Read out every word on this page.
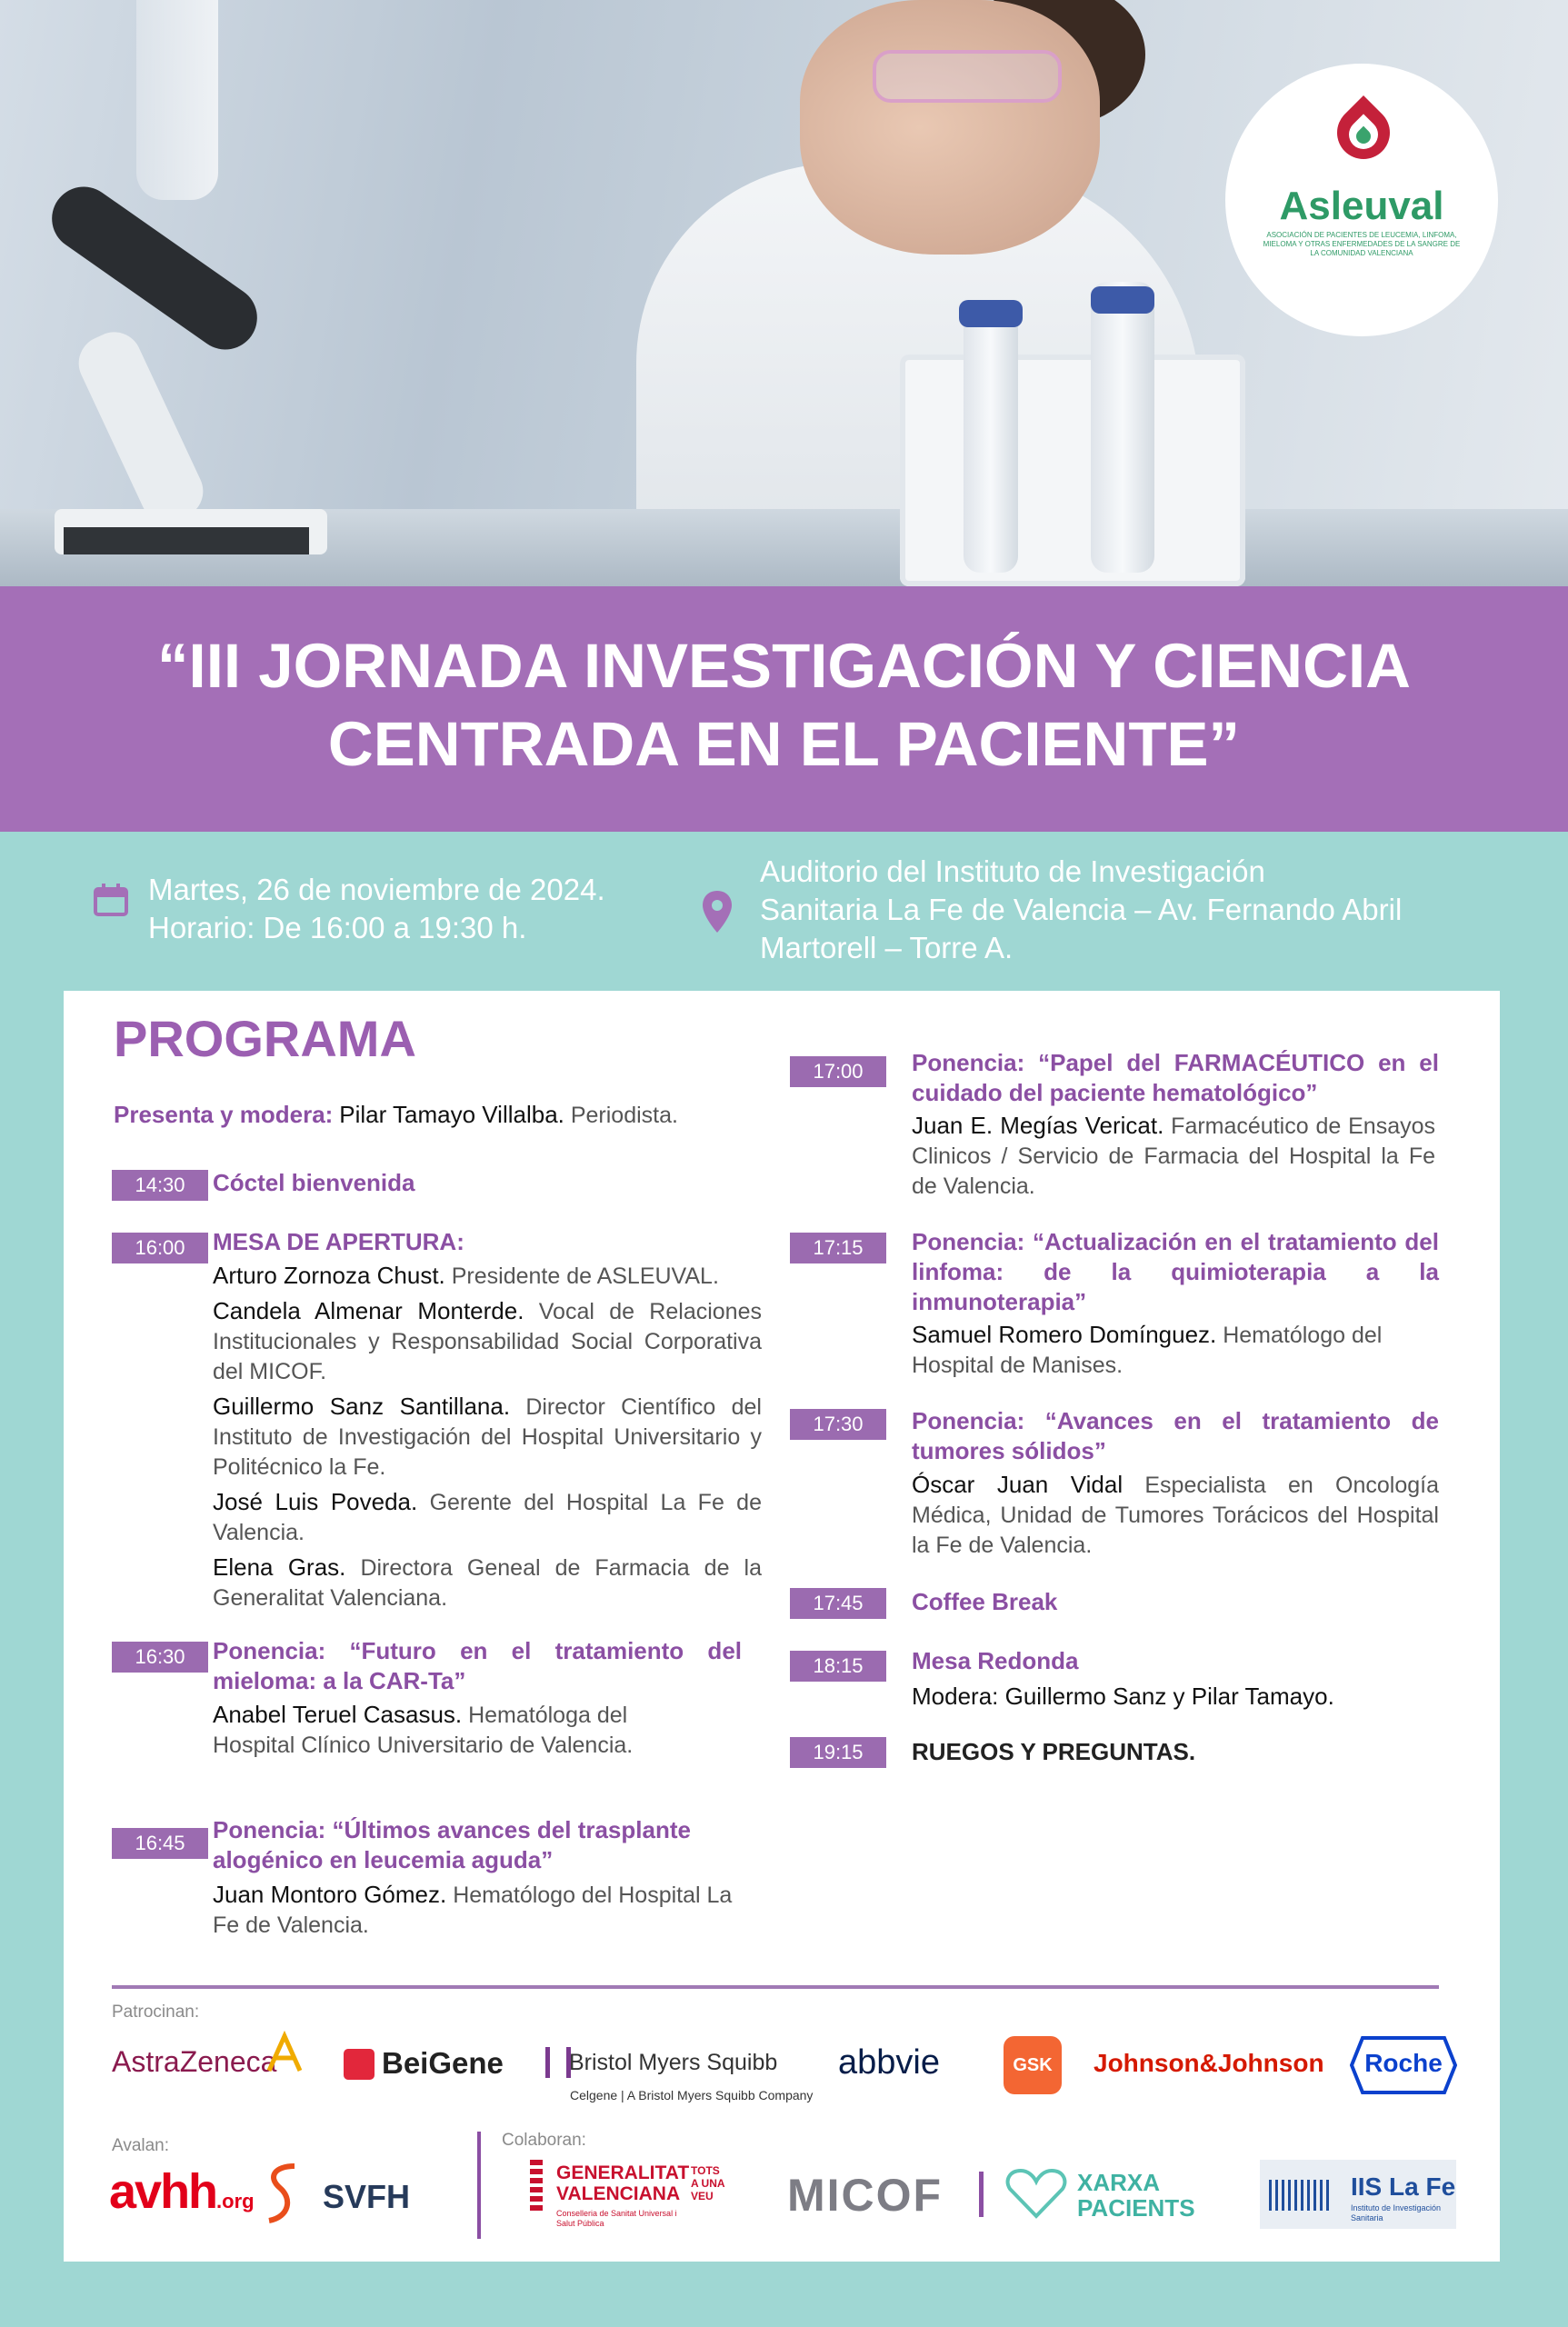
Asleuval
ASOCIACIÓN DE PACIENTES DE LEUCEMIA, LINFOMA, MIELOMA Y OTRAS ENFERMEDADES DE LA SANGRE DE LA COMUNIDAD VALENCIANA
“III JORNADA INVESTIGACIÓN Y CIENCIA
CENTRADA EN EL PACIENTE”
Martes, 26 de noviembre de 2024.
Horario: De 16:00 a 19:30 h.
Auditorio del Instituto de Investigación
Sanitaria La Fe de Valencia – Av. Fernando Abril
Martorell – Torre A.
PROGRAMA
Presenta y modera: Pilar Tamayo Villalba. Periodista.
14:30	Cóctel bienvenida
16:00	MESA DE APERTURA:
Arturo Zornoza Chust. Presidente de ASLEUVAL.
Candela Almenar Monterde. Vocal de Relaciones Institucionales y Responsabilidad Social Corporativa del MICOF.
Guillermo Sanz Santillana. Director Científico del Instituto de Investigación del Hospital Universitario y Politécnico la Fe.
José Luis Poveda. Gerente del Hospital La Fe de Valencia.
Elena Gras. Directora Geneal de Farmacia de la Generalitat Valenciana.
16:30	Ponencia: “Futuro en el tratamiento del mieloma: a la CAR-Ta”
Anabel Teruel Casasus. Hematóloga del Hospital Clínico Universitario de Valencia.
16:45	Ponencia: “Últimos avances del trasplante alogénico en leucemia aguda”
Juan Montoro Gómez. Hematólogo del Hospital La Fe de Valencia.
17:00	Ponencia: “Papel del FARMACÉUTICO en el cuidado del paciente hematológico”
Juan E. Megías Vericat. Farmacéutico de Ensayos Clinicos / Servicio de Farmacia del Hospital la Fe de Valencia.
17:15	Ponencia: “Actualización en el tratamiento del linfoma: de la quimioterapia a la inmunoterapia”
Samuel Romero Domínguez. Hematólogo del Hospital de Manises.
17:30	Ponencia: “Avances en el tratamiento de tumores sólidos”
Óscar Juan Vidal Especialista en Oncología Médica, Unidad de Tumores Torácicos del Hospital la Fe de Valencia.
17:45	Coffee Break
18:15	Mesa Redonda
Modera: Guillermo Sanz y Pilar Tamayo.
19:15	RUEGOS Y PREGUNTAS.
Patrocinan:
AstraZeneca	BeiGene	Bristol Myers Squibb
Celgene | A Bristol Myers Squibb Company
abbvie	GSK	Johnson&Johnson	Roche
Avalan:
avhh.org SVFH
Colaboran:
GENERALITAT
VALENCIANA
TOTS A UNA VEU
Conselleria de Sanitat Universal i Salut Pública
MICOF	XARXA
PACIENTS
IIS La Fe
Instituto de Investigación Sanitaria
